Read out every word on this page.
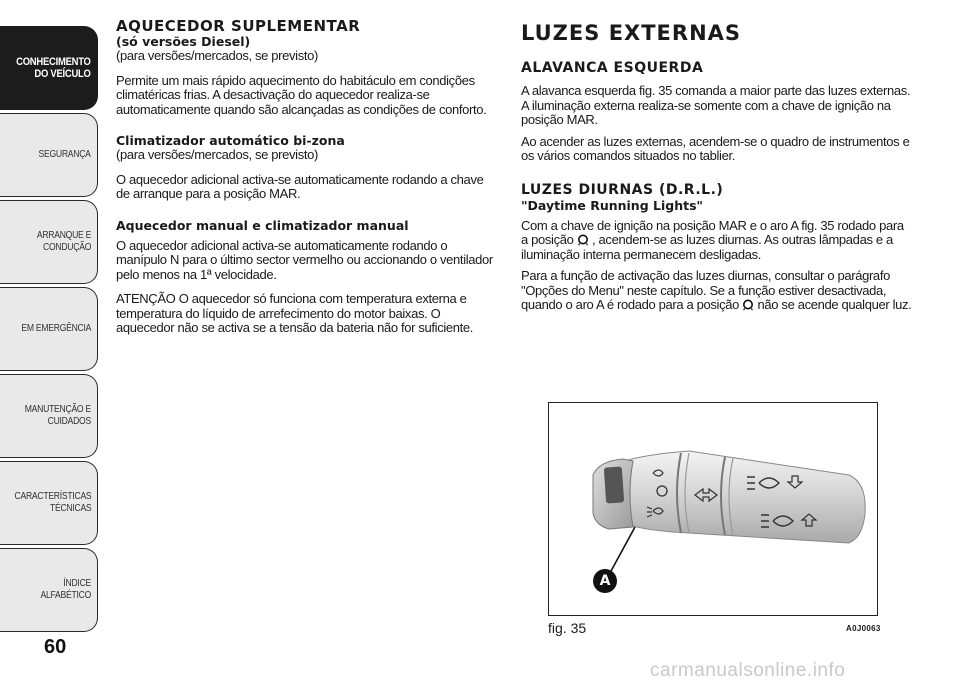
CONHECIMENTO
DO VEÍCULO
SEGURANÇA
ARRANQUE E
CONDUÇÃO
EM EMERGÊNCIA
MANUTENÇÃO E
CUIDADOS
CARACTERÍSTICAS
TÉCNICAS
ÍNDICE ALFABÉTICO
60
AQUECEDOR SUPLEMENTAR
(só versões Diesel)

(para versões/mercados, se previsto)

Permite um mais rápido aquecimento do habitáculo em condições climatéricas frias. A desactivação do aquecedor realiza-se automaticamente quando são alcançadas as condições de conforto.

Climatizador automático bi-zona

(para versões/mercados, se previsto)

O aquecedor adicional activa-se automaticamente rodando a chave de arranque para a posição MAR.

Aquecedor manual e climatizador manual

O aquecedor adicional activa-se automaticamente rodando o manípulo N para o último sector vermelho ou accionando o ventilador pelo menos na 1ª velocidade.

ATENÇÃO O aquecedor só funciona com temperatura externa e temperatura do líquido de arrefecimento do motor baixas. O aquecedor não se activa se a tensão da bateria não for suficiente.

LUZES EXTERNAS
ALAVANCA ESQUERDA

A alavanca esquerda fig. 35 comanda a maior parte das luzes externas. A iluminação externa realiza-se somente com a chave de ignição na posição MAR.

Ao acender as luzes externas, acendem-se o quadro de instrumentos e os vários comandos situados no tablier.

LUZES DIURNAS (D.R.L.)
"Daytime Running Lights"

Com a chave de ignição na posição MAR e o aro A fig. 35 rodado para a posição , acendem-se as luzes diurnas. As outras lâmpadas e a iluminação interna permanecem desligadas.

Para a função de activação das luzes diurnas, consultar o parágrafo "Opções do Menu" neste capítulo. Se a função estiver desactivada, quando o aro A é rodado para a posição não se acende qualquer luz.

A
fig. 35	A0J0063
carmanualsonline.info
